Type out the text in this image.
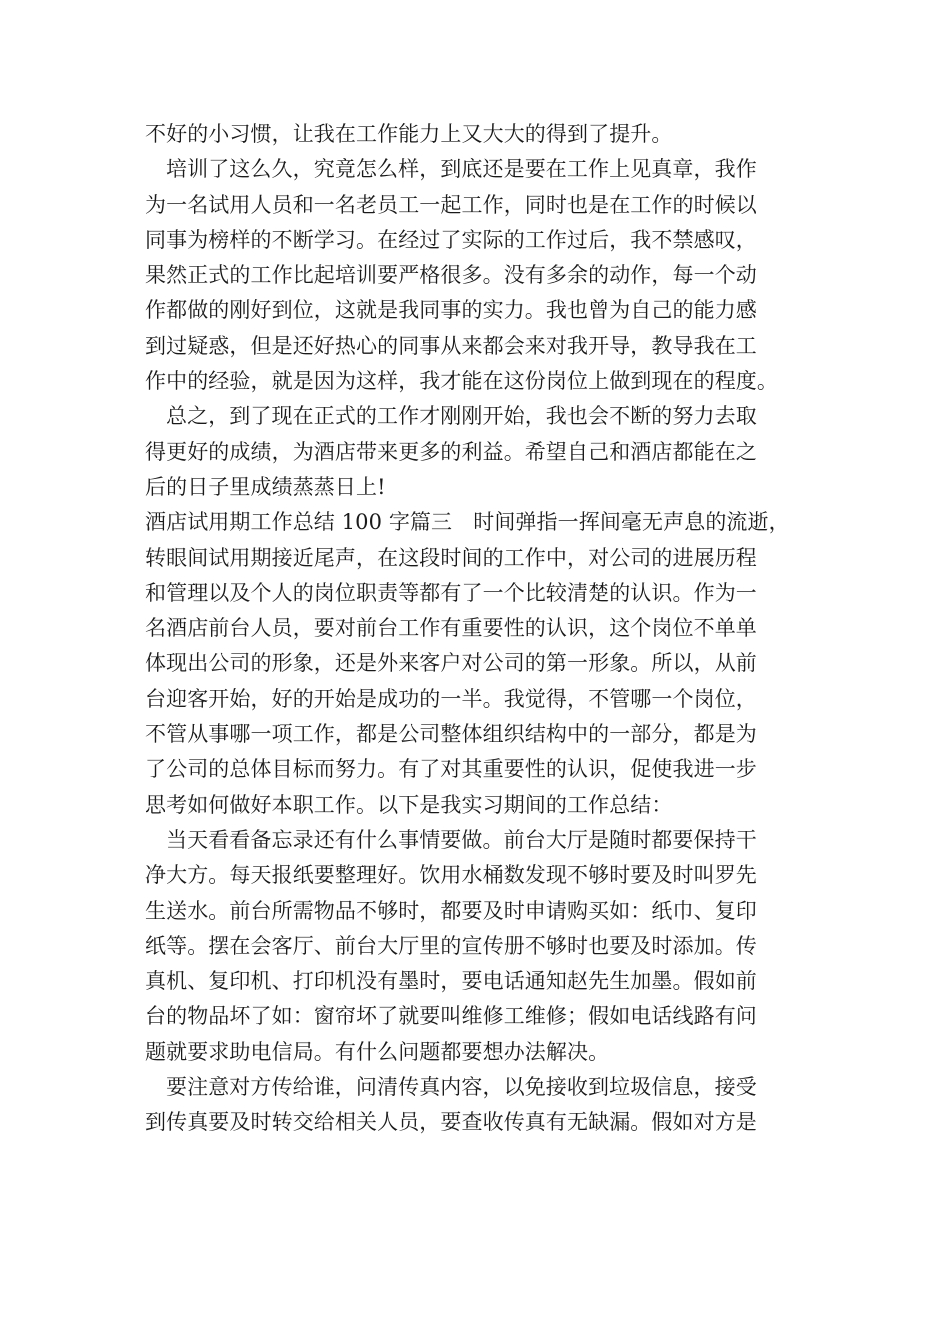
不好的小习惯，让我在工作能力上又大大的得到了提升。
培训了这么久，究竟怎么样，到底还是要在工作上见真章，我作
为一名试用人员和一名老员工一起工作，同时也是在工作的时候以
同事为榜样的不断学习。在经过了实际的工作过后，我不禁感叹，
果然正式的工作比起培训要严格很多。没有多余的动作，每一个动
作都做的刚好到位，这就是我同事的实力。我也曾为自己的能力感
到过疑惑，但是还好热心的同事从来都会来对我开导，教导我在工
作中的经验，就是因为这样，我才能在这份岗位上做到现在的程度。
总之，到了现在正式的工作才刚刚开始，我也会不断的努力去取
得更好的成绩，为酒店带来更多的利益。希望自己和酒店都能在之
后的日子里成绩蒸蒸日上!
酒店试用期工作总结 100 字篇三　时间弹指一挥间毫无声息的流逝，
转眼间试用期接近尾声，在这段时间的工作中，对公司的进展历程
和管理以及个人的岗位职责等都有了一个比较清楚的认识。作为一
名酒店前台人员，要对前台工作有重要性的认识，这个岗位不单单
体现出公司的形象，还是外来客户对公司的第一形象。所以，从前
台迎客开始，好的开始是成功的一半。我觉得，不管哪一个岗位，
不管从事哪一项工作，都是公司整体组织结构中的一部分，都是为
了公司的总体目标而努力。有了对其重要性的认识，促使我进一步
思考如何做好本职工作。以下是我实习期间的工作总结：
当天看看备忘录还有什么事情要做。前台大厅是随时都要保持干
净大方。每天报纸要整理好。饮用水桶数发现不够时要及时叫罗先
生送水。前台所需物品不够时，都要及时申请购买如：纸巾、复印
纸等。摆在会客厅、前台大厅里的宣传册不够时也要及时添加。传
真机、复印机、打印机没有墨时，要电话通知赵先生加墨。假如前
台的物品坏了如：窗帘坏了就要叫维修工维修；假如电话线路有问
题就要求助电信局。有什么问题都要想办法解决。
要注意对方传给谁，问清传真内容，以免接收到垃圾信息，接受
到传真要及时转交给相关人员，要查收传真有无缺漏。假如对方是
